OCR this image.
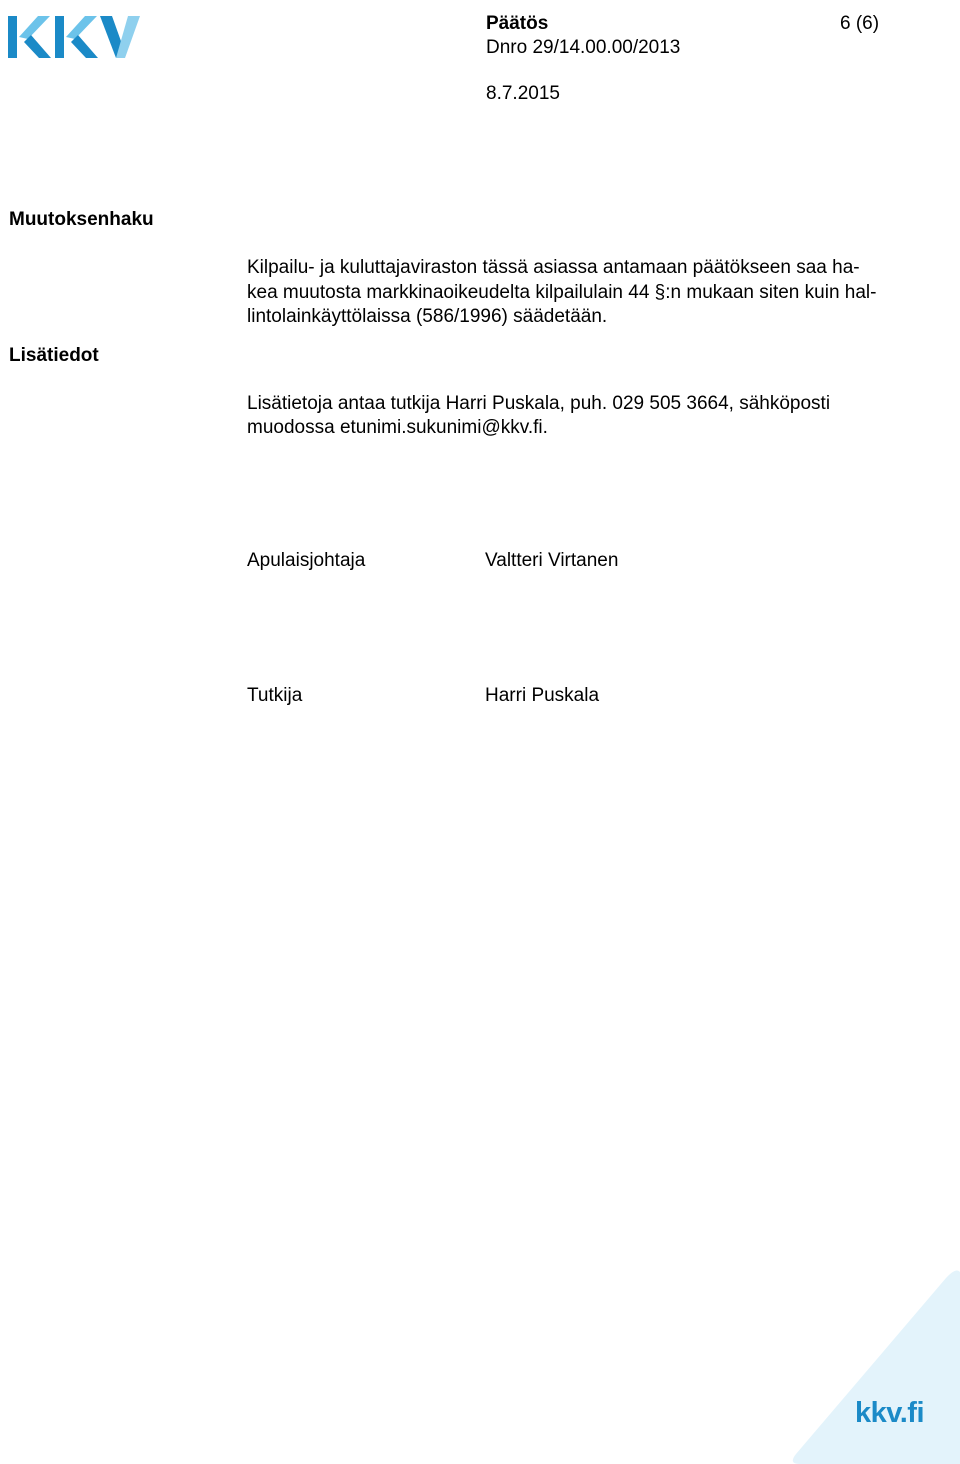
Päätös	6 (6)
Dnro 29/14.00.00/2013
8.7.2015
Muutoksenhaku
Kilpailu- ja kuluttajaviraston tässä asiassa antamaan päätökseen saa ha-
kea muutosta markkinaoikeudelta kilpailulain 44 §:n mukaan siten kuin hal-
lintolainkäyttölaissa (586/1996) säädetään.
Lisätiedot
Lisätietoja antaa tutkija Harri Puskala, puh. 029 505 3664, sähköposti
muodossa etunimi.sukunimi@kkv.fi.
Apulaisjohtaja	Valtteri Virtanen
Tutkija	Harri Puskala
kkv.fi
